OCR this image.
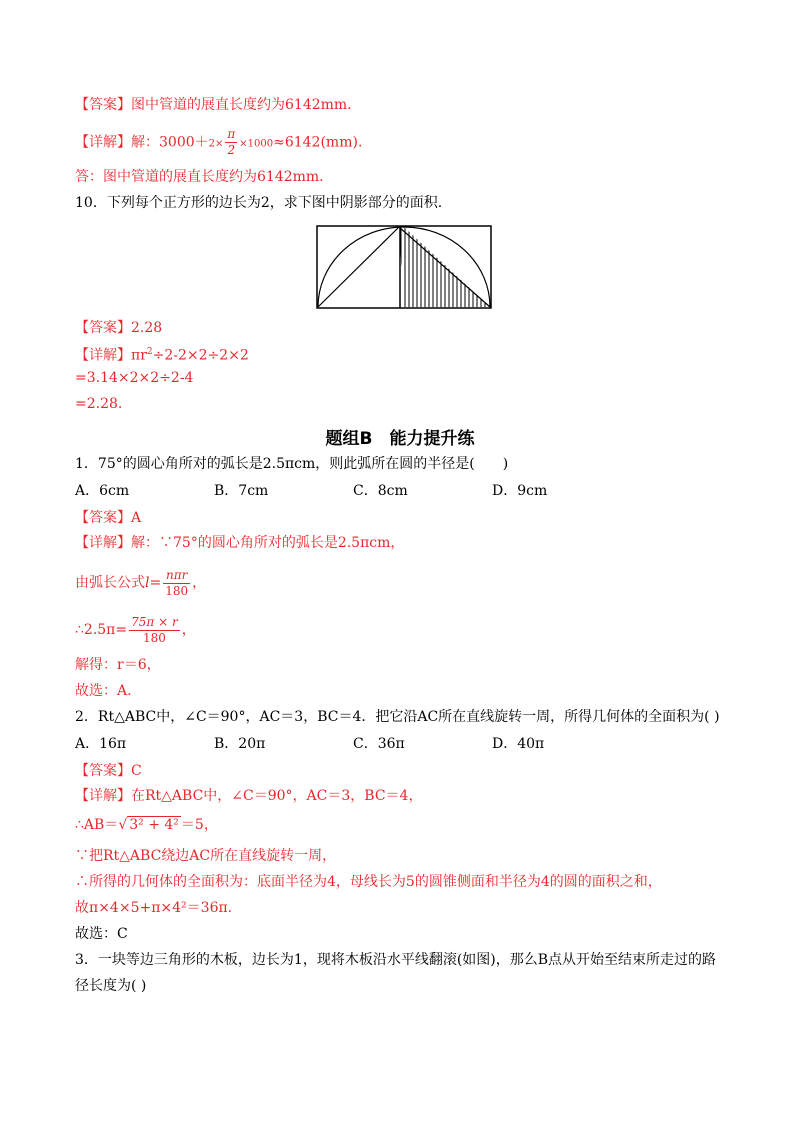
【答案】图中管道的展直长度约为6142mm.
【详解】解：$3000+2\times \frac{\pi}{2} \times 1000\approx 6142(mm)$.
答：图中管道的展直长度约为6142mm.
10．下列每个正方形的边长为2，求下图中阴影部分的面积.
【答案】2.28
【详解】$\pi r^2\div 2-2\times 2\div 2\times 2$
=3.14×2×2÷2-4
=2.28.
题组B　能力提升练
1．75°的圆心角所对的弧长是2.5πcm，则此弧所在圆的半径是(　　)
A．6cm	B．7cm	C．8cm	D．9cm
【答案】A
【详解】解：∵75°的圆心角所对的弧长是2.5πcm，
由弧长公式$l= \frac{\text{nπr}}{180}$ ，
∴2.5π= $\frac{75\pi \times r}{180}$ ，
解得：r＝6，
故选：A.
2．Rt△ABC中，∠C＝90°，AC＝3，BC＝4．把它沿AC所在直线旋转一周，所得几何体的全面积为( )
A．16π	B．20π	C．36π	D．40π
【答案】C
【详解】在Rt△ABC中，∠C＝90°，AC＝3，BC＝4，
∴AB＝√ 3² + 4² ＝5，
∵把Rt△ABC绕边AC所在直线旋转一周，
∴所得的几何体的全面积为：底面半径为4，母线长为5的圆锥侧面和半径为4的圆的面积之和，
故π×4×5+π×4²＝36π.
故选：C
3．一块等边三角形的木板，边长为1，现将木板沿水平线翻滚(如图)，那么B点从开始至结束所走过的路
径长度为( )
